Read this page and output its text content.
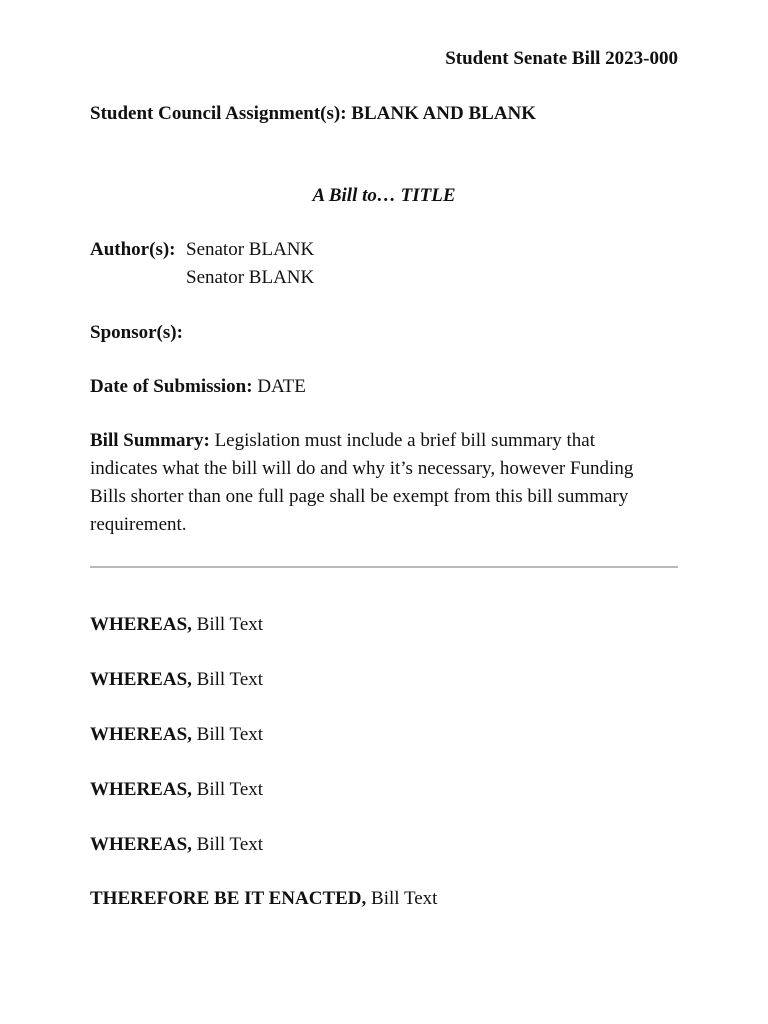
Student Senate Bill 2023-000
Student Council Assignment(s): BLANK AND BLANK
A Bill to… TITLE
Author(s): Senator BLANK
Senator BLANK
Sponsor(s):
Date of Submission: DATE
Bill Summary: Legislation must include a brief bill summary that
indicates what the bill will do and why it’s necessary, however Funding
Bills shorter than one full page shall be exempt from this bill summary
requirement.
WHEREAS, Bill Text
WHEREAS, Bill Text
WHEREAS, Bill Text
WHEREAS, Bill Text
WHEREAS, Bill Text
THEREFORE BE IT ENACTED, Bill Text
